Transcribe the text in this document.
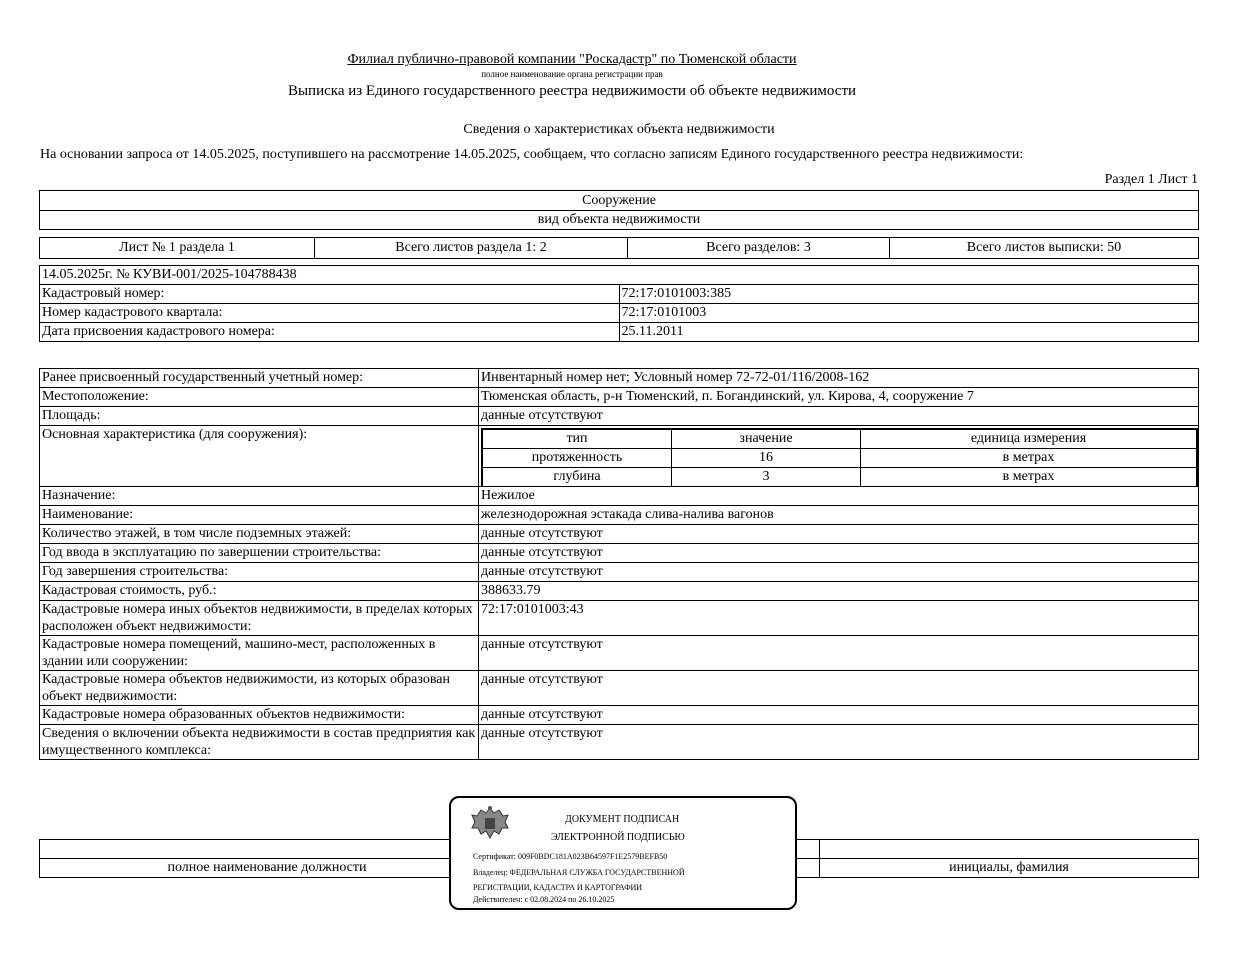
Филиал публично-правовой компании "Роскадастр" по Тюменской области
полное наименование органа регистрации прав
Выписка из Единого государственного реестра недвижимости об объекте недвижимости
Сведения о характеристиках объекта недвижимости
На основании запроса от 14.05.2025, поступившего на рассмотрение 14.05.2025, сообщаем, что согласно записям Единого государственного реестра недвижимости:
Раздел 1 Лист 1
Сооружение
вид объекта недвижимости
Лист № 1 раздела 1	Всего листов раздела 1: 2	Всего разделов: 3	Всего листов выписки: 50
14.05.2025г. № КУВИ-001/2025-104788438	
Кадастровый номер:	72:17:0101003:385
Номер кадастрового квартала:	72:17:0101003
Дата присвоения кадастрового номера:	25.11.2011
Ранее присвоенный государственный учетный номер:	Инвентарный номер нет; Условный номер 72-72-01/116/2008-162
Местоположение:	Тюменская область, р-н Тюменский, п. Богандинский, ул. Кирова, 4, сооружение 7
Площадь:	данные отсутствуют
Основная характеристика (для сооружения):		тип	значение	единица измерения
протяженность	16	в метрах
глубина	3	в метрах

Назначение:	Нежилое
Наименование:	железнодорожная эстакада слива-налива вагонов
Количество этажей, в том числе подземных этажей:	данные отсутствуют
Год ввода в эксплуатацию по завершении строительства:	данные отсутствуют
Год завершения строительства:	данные отсутствуют
Кадастровая стоимость, руб.:	388633.79
Кадастровые номера иных объектов недвижимости, в пределах которых расположен объект недвижимости:	72:17:0101003:43
Кадастровые номера помещений, машино-мест, расположенных в здании или сооружении:	данные отсутствуют
Кадастровые номера объектов недвижимости, из которых образован объект недвижимости:	данные отсутствуют
Кадастровые номера образованных объектов недвижимости:	данные отсутствуют
Сведения о включении объекта недвижимости в состав предприятия как имущественного комплекса:	данные отсутствуют

полное наименование должности		инициалы, фамилия
ДОКУМЕНТ ПОДПИСАН
ЭЛЕКТРОННОЙ ПОДПИСЬЮ
Сертификат: 009F0BDC181A023B64597F1E2579BEFB50
Владелец: ФЕДЕРАЛЬНАЯ СЛУЖБА ГОСУДАРСТВЕННОЙ
РЕГИСТРАЦИИ, КАДАСТРА И КАРТОГРАФИИ
Действителен: с 02.08.2024 по 26.10.2025
